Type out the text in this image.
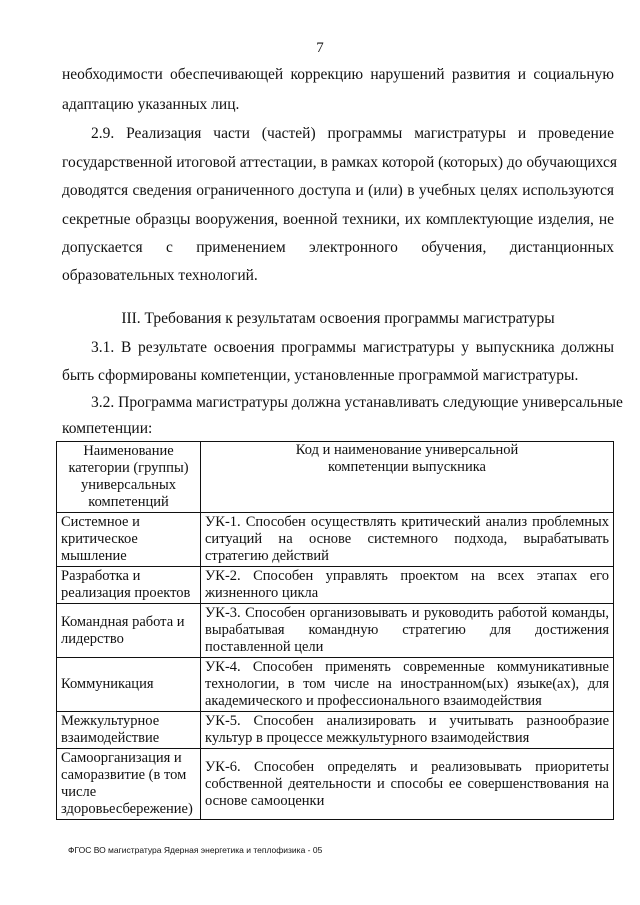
7
необходимости обеспечивающей коррекцию нарушений развития и социальную
адаптацию указанных лиц.
2.9. Реализация части (частей) программы магистратуры и проведение
государственной итоговой аттестации, в рамках которой (которых) до обучающихся
доводятся сведения ограниченного доступа и (или) в учебных целях используются
секретные образцы вооружения, военной техники, их комплектующие изделия, не
допускается с применением электронного обучения, дистанционных
образовательных технологий.
III. Требования к результатам освоения программы магистратуры
3.1. В результате освоения программы магистратуры у выпускника должны
быть сформированы компетенции, установленные программой магистратуры.
3.2. Программа магистратуры должна устанавливать следующие универсальные
компетенции:
Наименование категории (группы) универсальных компетенций	Код и наименование универсальной компетенции выпускника
Системное и критическое мышление	УК-1. Способен осуществлять критический анализ проблемных ситуаций на основе системного подхода, вырабатывать стратегию действий
Разработка и реализация проектов	УК-2. Способен управлять проектом на всех этапах его жизненного цикла
Командная работа и лидерство	УК-3. Способен организовывать и руководить работой команды, вырабатывая командную стратегию для достижения поставленной цели
Коммуникация	УК-4. Способен применять современные коммуникативные технологии, в том числе на иностранном(ых) языке(ах), для академического и профессионального взаимодействия
Межкультурное взаимодействие	УК-5. Способен анализировать и учитывать разнообразие культур в процессе межкультурного взаимодействия
Самоорганизация и саморазвитие (в том числе здоровьесбережение)	УК-6. Способен определять и реализовывать приоритеты собственной деятельности и способы ее совершенствования на основе самооценки
ФГОС ВО магистратура Ядерная энергетика и теплофизика - 05
